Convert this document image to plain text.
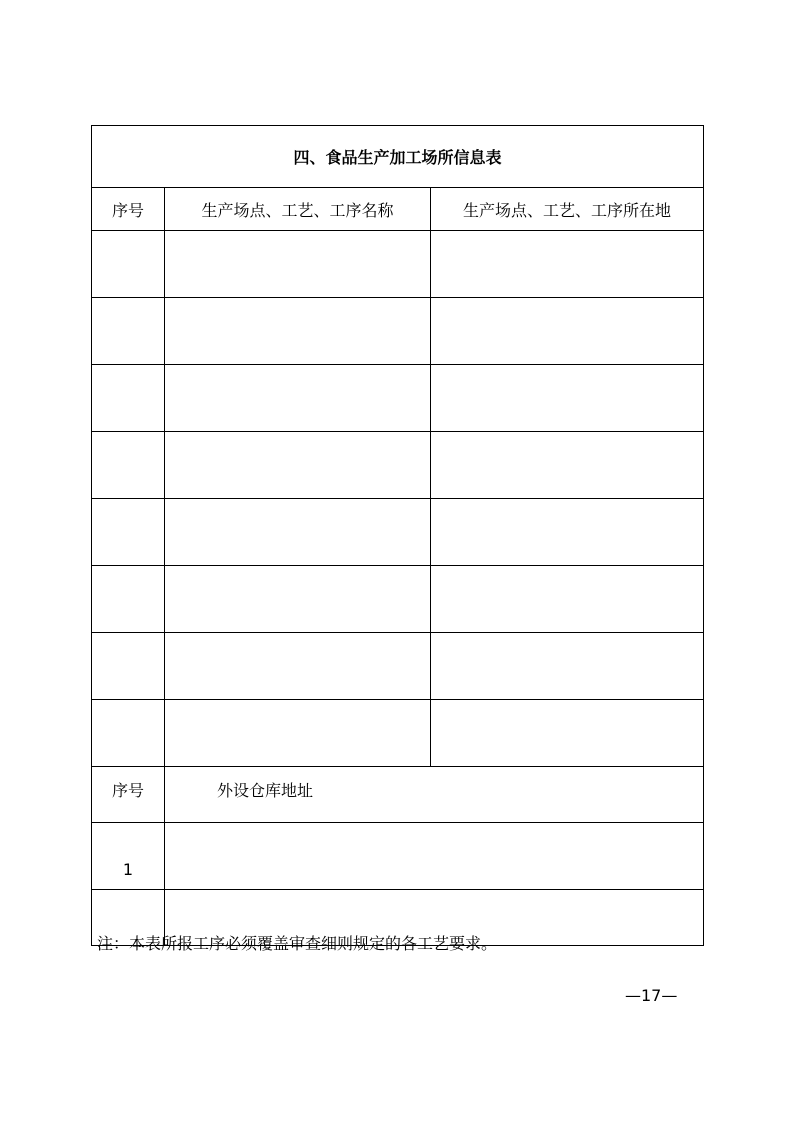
四、食品生产加工场所信息表		
序号	生产场点、工艺、工序名称	生产场点、工艺、工序所在地

序号	外设仓库地址	
1		

注：本表所报工序必须覆盖审查细则规定的各工艺要求。
—17—
